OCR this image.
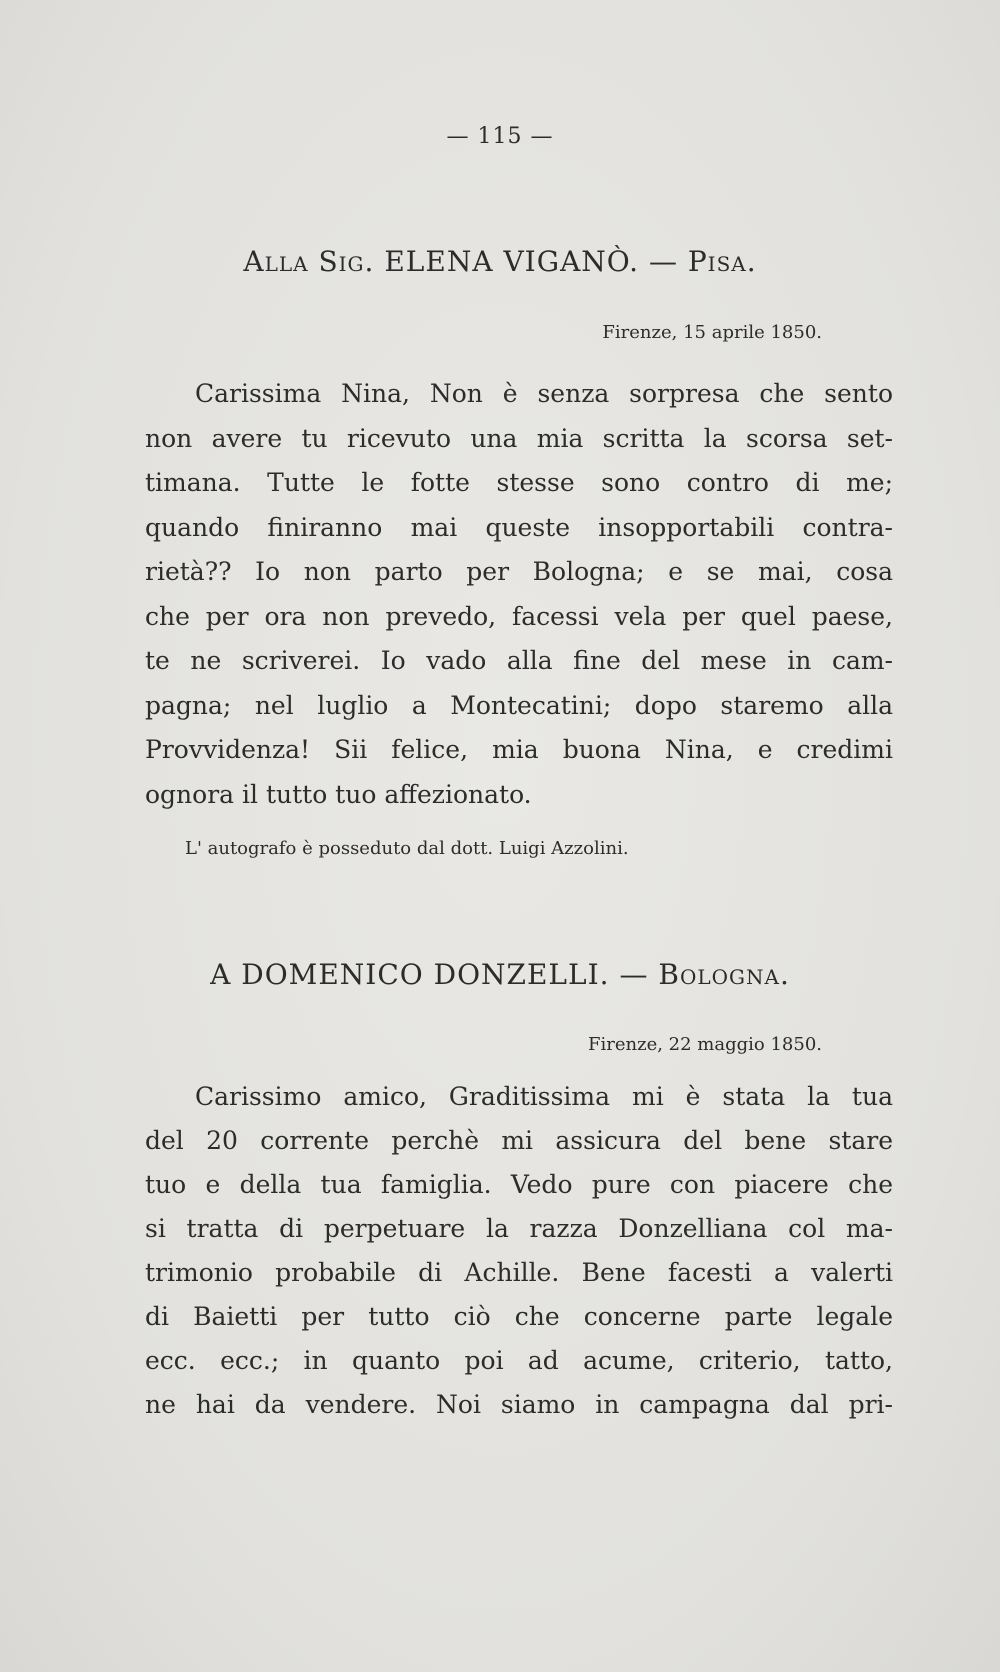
— 115 —
Alla Sig. ELENA VIGANÒ. — Pisa.
Firenze, 15 aprile 1850.
Carissima Nina, Non è senza sorpresa che sento
non avere tu ricevuto una mia scritta la scorsa set-
timana. Tutte le fotte stesse sono contro di me;
quando finiranno mai queste insopportabili contra-
rietà?? Io non parto per Bologna; e se mai, cosa
che per ora non prevedo, facessi vela per quel paese,
te ne scriverei. Io vado alla fine del mese in cam-
pagna; nel luglio a Montecatini; dopo staremo alla
Provvidenza! Sii felice, mia buona Nina, e credimi
ognora il tutto tuo affezionato.
L' autografo è posseduto dal dott. Luigi Azzolini.
A DOMENICO DONZELLI. — Bologna.
Firenze, 22 maggio 1850.
Carissimo amico, Graditissima mi è stata la tua
del 20 corrente perchè mi assicura del bene stare
tuo e della tua famiglia. Vedo pure con piacere che
si tratta di perpetuare la razza Donzelliana col ma-
trimonio probabile di Achille. Bene facesti a valerti
di Baietti per tutto ciò che concerne parte legale
ecc. ecc.; in quanto poi ad acume, criterio, tatto,
ne hai da vendere. Noi siamo in campagna dal pri-
